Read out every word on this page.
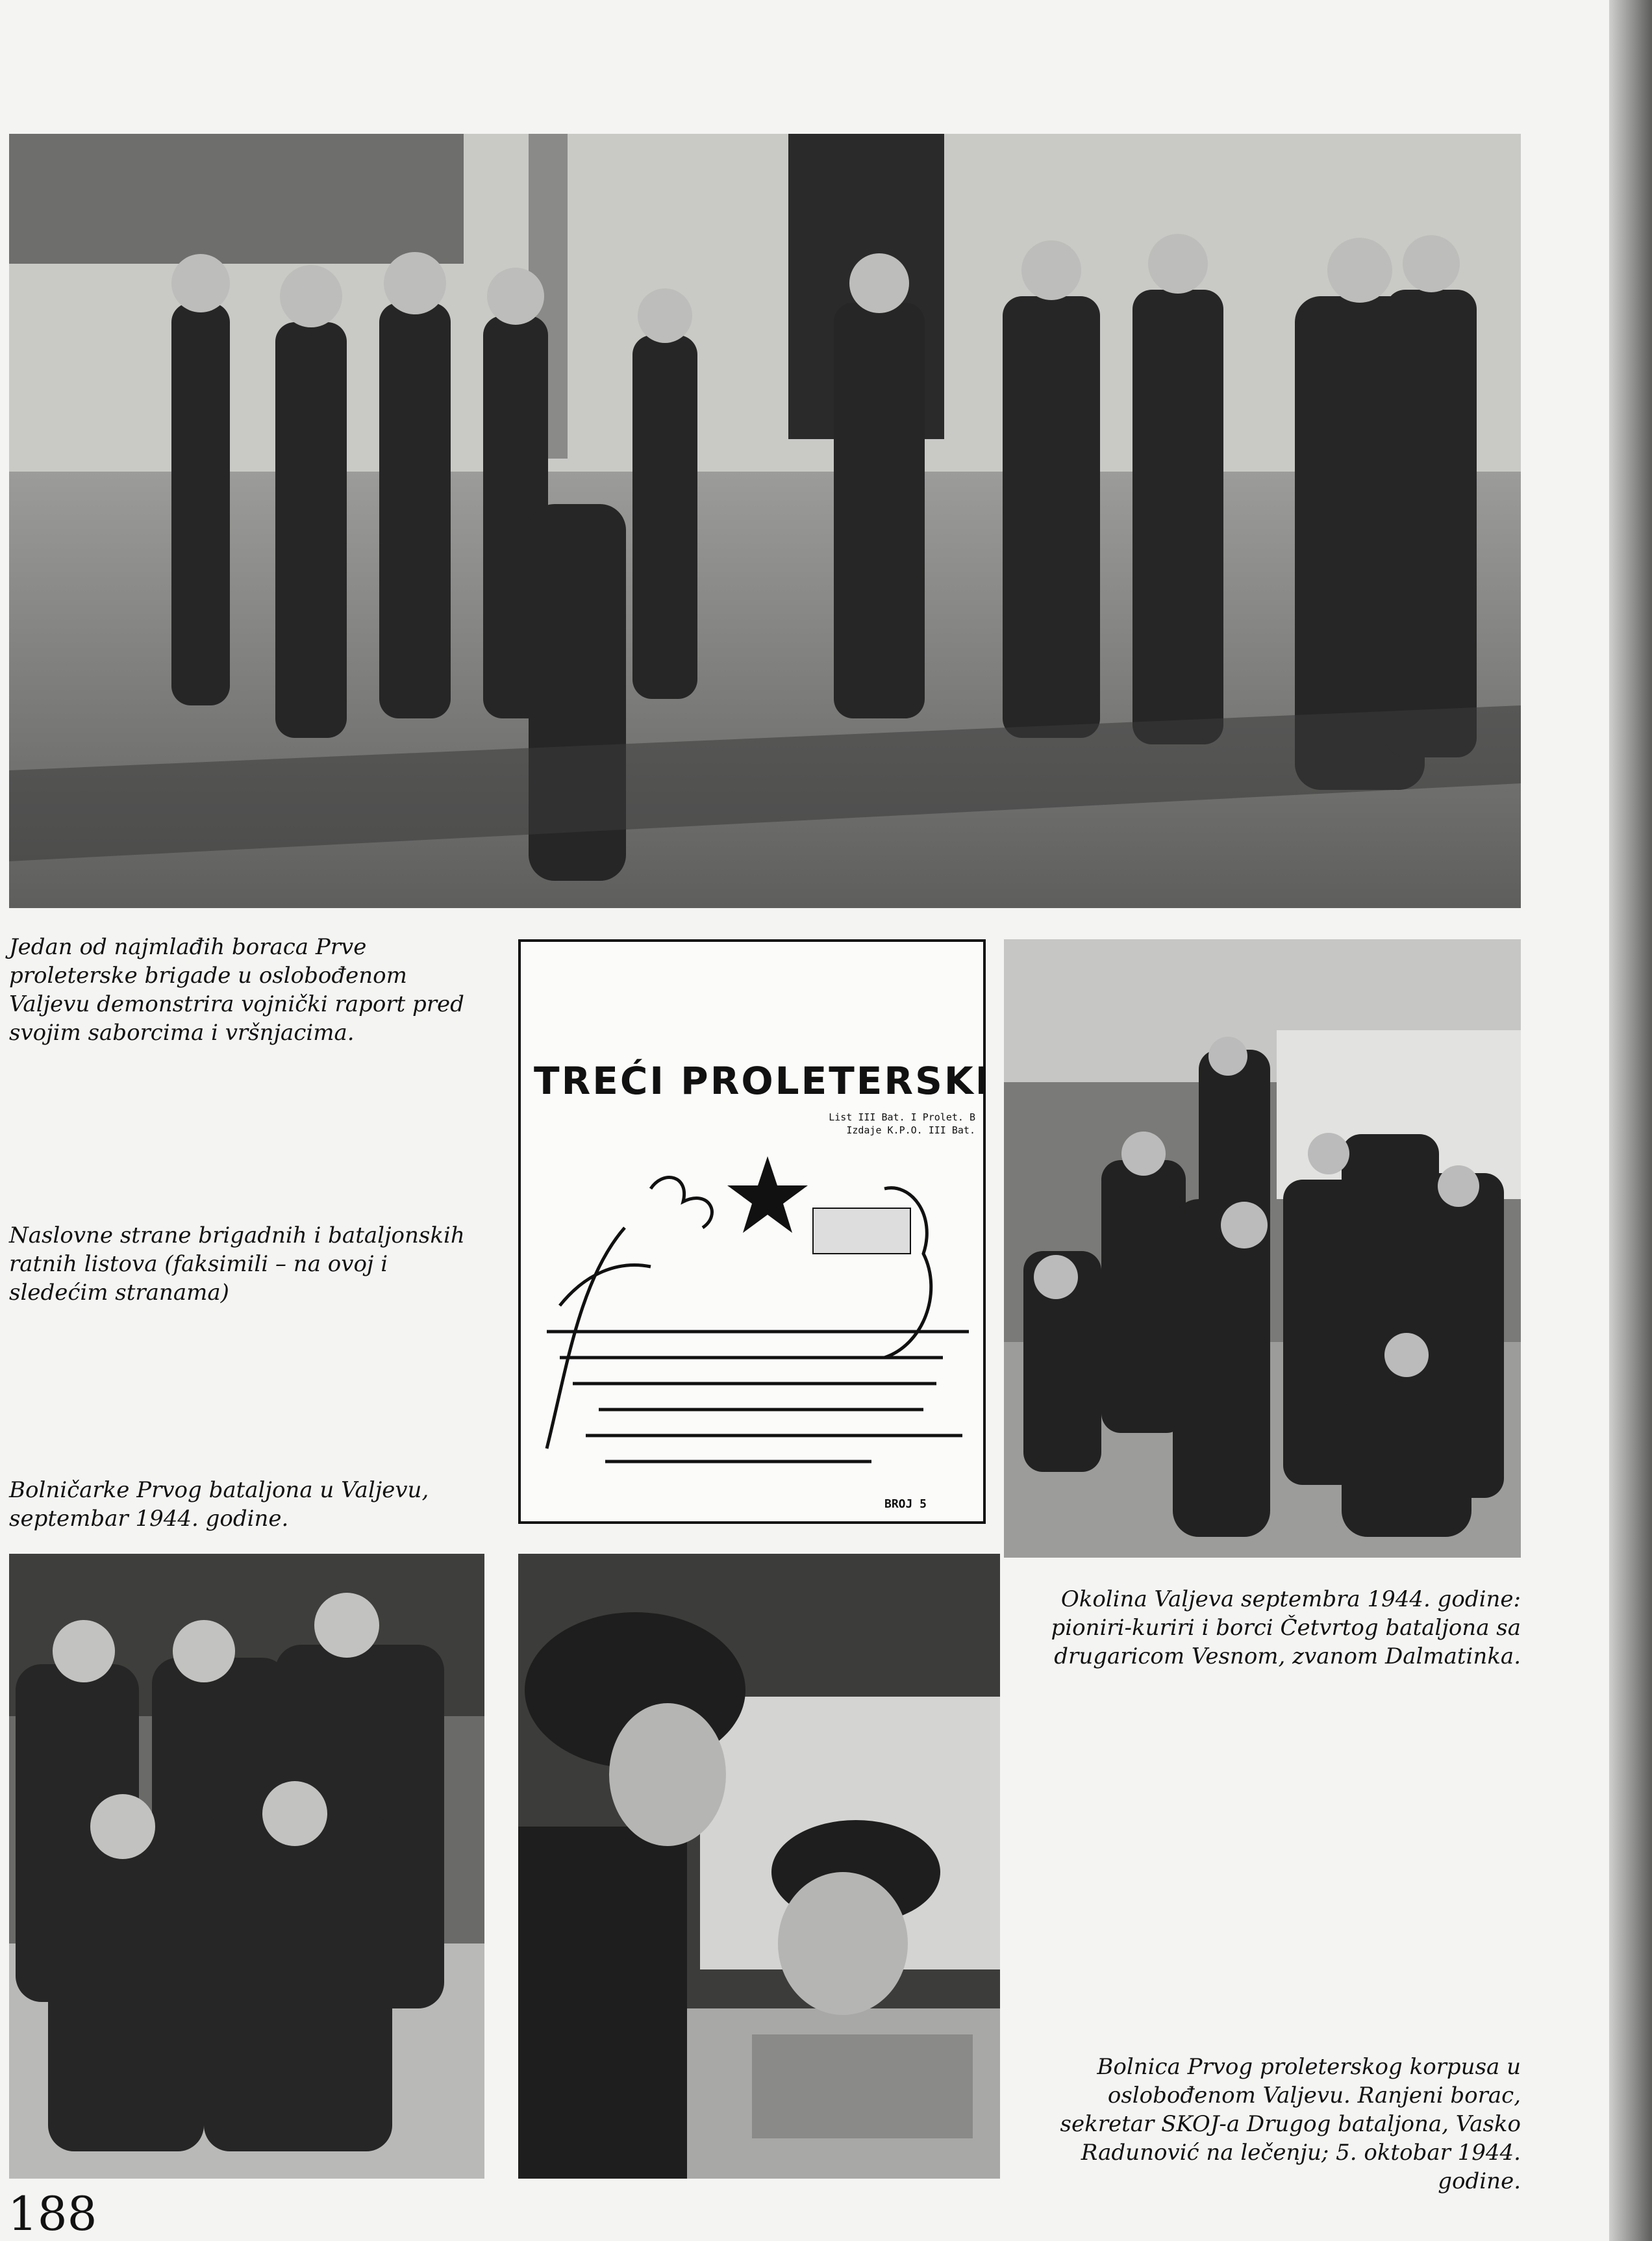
Jedan od najmlađih boraca Prve proleterske brigade u oslobođenom Valjevu demonstrira vojnički raport pred svojim saborcima i vršnjacima.

Naslovne strane brigadnih i bataljonskih ratnih listova (faksimili – na ovoj i sledećim stranama)

TREĆI PROLETERSKI
List III Bat. I Prolet. B
Izdaje K.P.O. III Bat.
BROJ 5

Okolina Valjeva septembra 1944. godine: pioniri-kuriri i borci Četvrtog bataljona sa drugaricom Vesnom, zvanom Dalmatinka.

Bolničarke Prvog bataljona u Valjevu, septembar 1944. godine.

Bolnica Prvog proleterskog korpusa u oslobođenom Valjevu. Ranjeni borac, sekretar SKOJ-a Drugog bataljona, Vasko Radunović na lečenju; 5. oktobar 1944. godine.

188
